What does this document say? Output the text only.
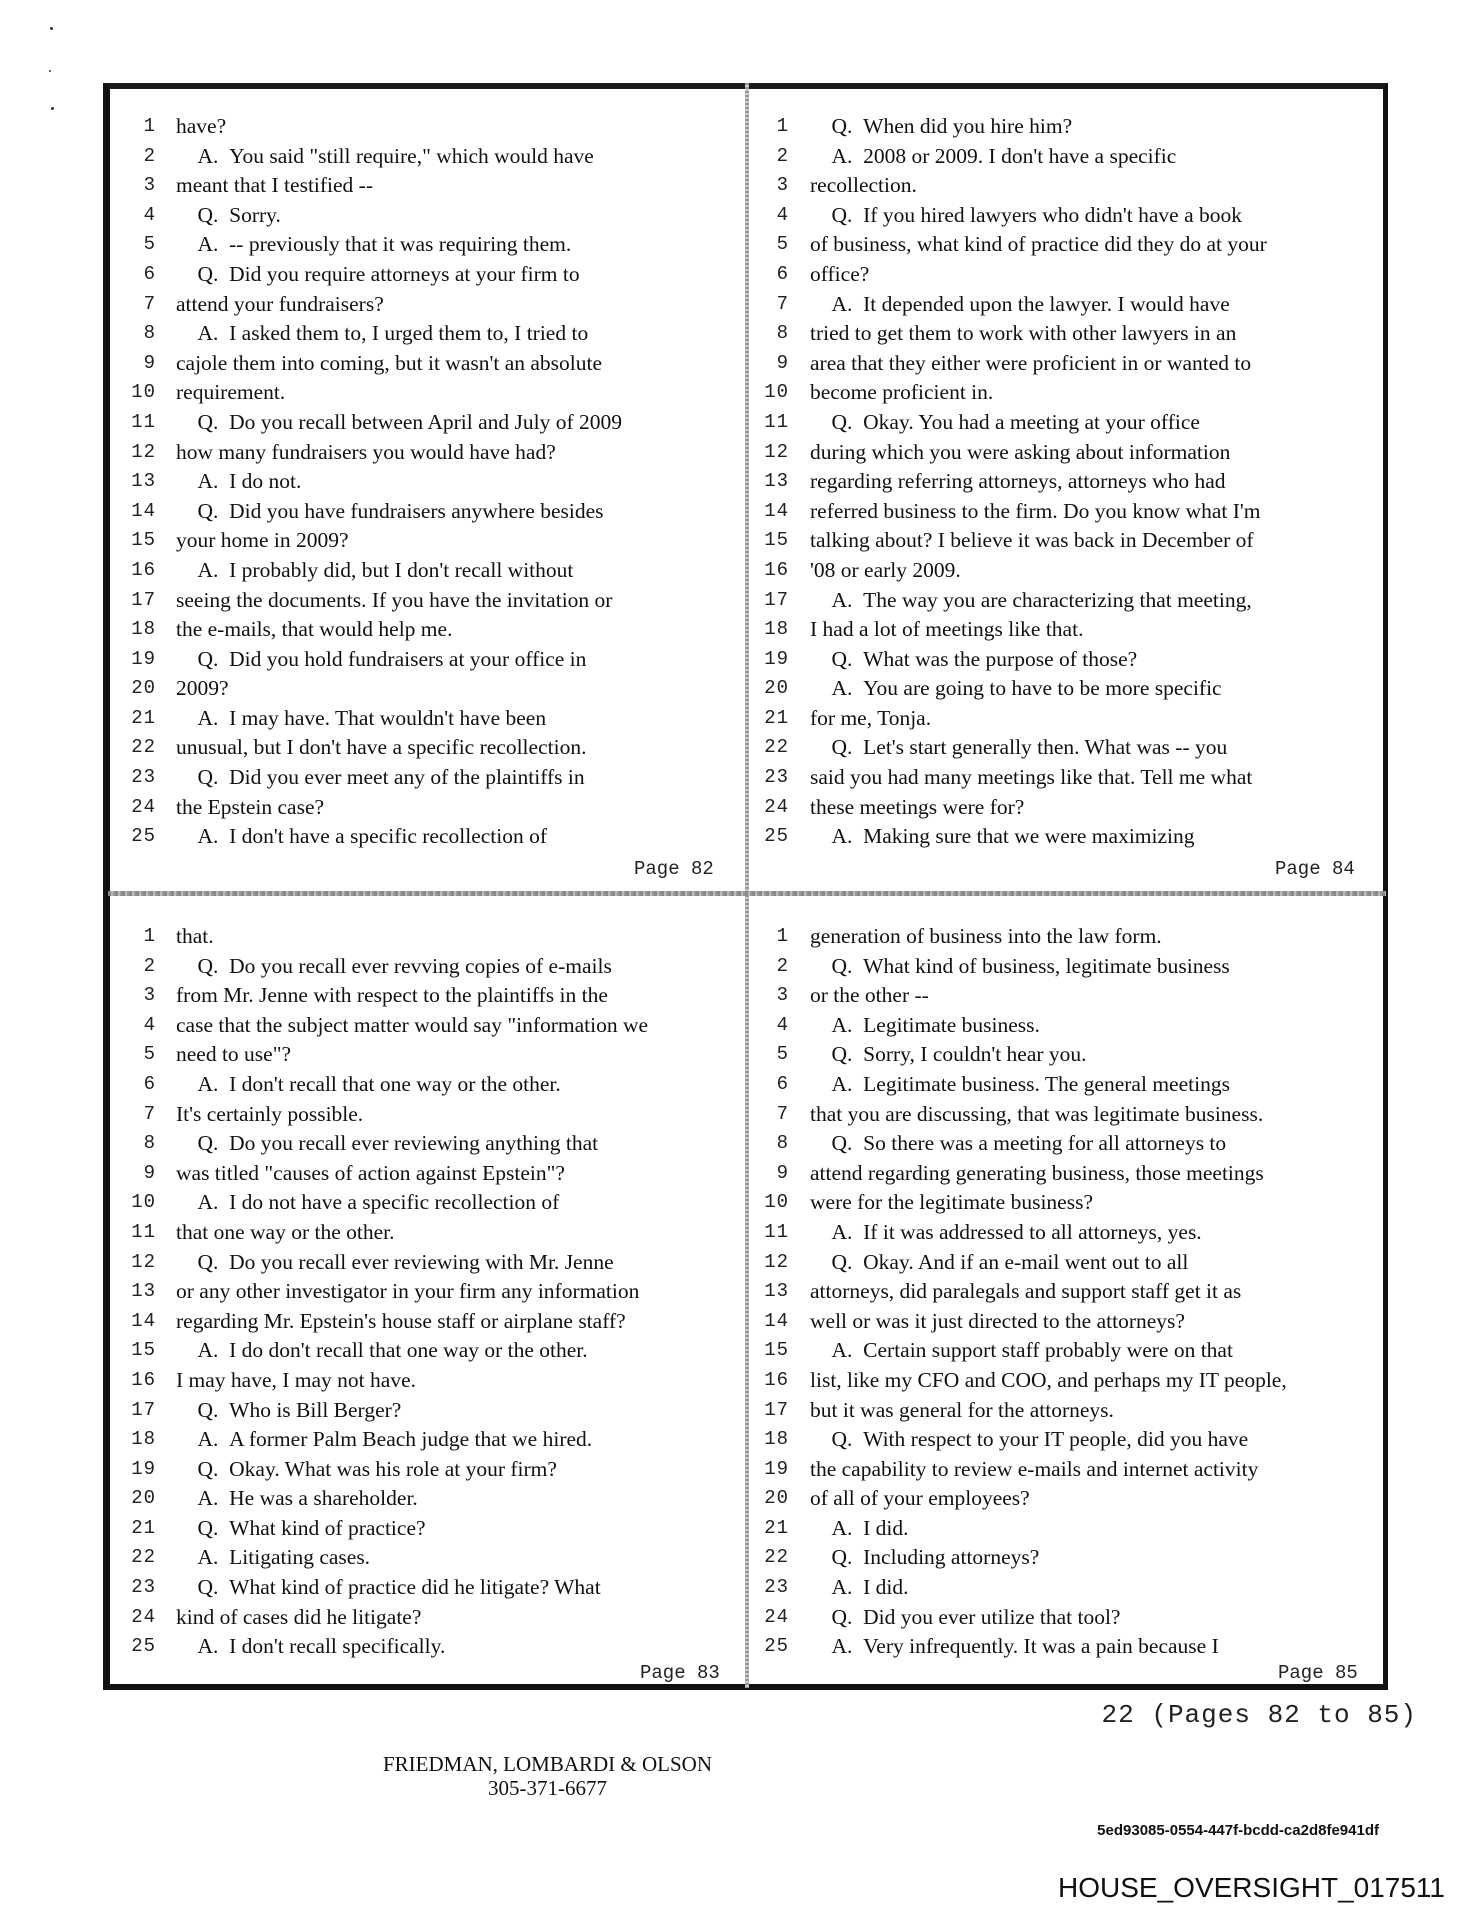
1 have?
2 A.  You said "still require," which would have
3 meant that I testified --
4 Q.  Sorry.
5 A.  -- previously that it was requiring them.
6 Q.  Did you require attorneys at your firm to
7 attend your fundraisers?
8 A.  I asked them to, I urged them to, I tried to
9 cajole them into coming, but it wasn't an absolute
10 requirement.
11 Q.  Do you recall between April and July of 2009
12 how many fundraisers you would have had?
13 A.  I do not.
14 Q.  Did you have fundraisers anywhere besides
15 your home in 2009?
16 A.  I probably did, but I don't recall without
17 seeing the documents. If you have the invitation or
18 the e-mails, that would help me.
19 Q.  Did you hold fundraisers at your office in
20 2009?
21 A.  I may have. That wouldn't have been
22 unusual, but I don't have a specific recollection.
23 Q.  Did you ever meet any of the plaintiffs in
24 the Epstein case?
25 A.  I don't have a specific recollection of
Page 82
1 Q.  When did you hire him?
2 A.  2008 or 2009. I don't have a specific
3 recollection.
4 Q.  If you hired lawyers who didn't have a book
5 of business, what kind of practice did they do at your
6 office?
7 A.  It depended upon the lawyer. I would have
8 tried to get them to work with other lawyers in an
9 area that they either were proficient in or wanted to
10 become proficient in.
11 Q.  Okay. You had a meeting at your office
12 during which you were asking about information
13 regarding referring attorneys, attorneys who had
14 referred business to the firm. Do you know what I'm
15 talking about? I believe it was back in December of
16 '08 or early 2009.
17 A.  The way you are characterizing that meeting,
18 I had a lot of meetings like that.
19 Q.  What was the purpose of those?
20 A.  You are going to have to be more specific
21 for me, Tonja.
22 Q.  Let's start generally then. What was -- you
23 said you had many meetings like that. Tell me what
24 these meetings were for?
25 A.  Making sure that we were maximizing
Page 84
1 that.
2 Q.  Do you recall ever revving copies of e-mails
3 from Mr. Jenne with respect to the plaintiffs in the
4 case that the subject matter would say "information we
5 need to use"?
6 A.  I don't recall that one way or the other.
7 It's certainly possible.
8 Q.  Do you recall ever reviewing anything that
9 was titled "causes of action against Epstein"?
10 A.  I do not have a specific recollection of
11 that one way or the other.
12 Q.  Do you recall ever reviewing with Mr. Jenne
13 or any other investigator in your firm any information
14 regarding Mr. Epstein's house staff or airplane staff?
15 A.  I do don't recall that one way or the other.
16 I may have, I may not have.
17 Q.  Who is Bill Berger?
18 A.  A former Palm Beach judge that we hired.
19 Q.  Okay. What was his role at your firm?
20 A.  He was a shareholder.
21 Q.  What kind of practice?
22 A.  Litigating cases.
23 Q.  What kind of practice did he litigate? What
24 kind of cases did he litigate?
25 A.  I don't recall specifically.
Page 83
1 generation of business into the law form.
2 Q.  What kind of business, legitimate business
3 or the other --
4 A.  Legitimate business.
5 Q.  Sorry, I couldn't hear you.
6 A.  Legitimate business. The general meetings
7 that you are discussing, that was legitimate business.
8 Q.  So there was a meeting for all attorneys to
9 attend regarding generating business, those meetings
10 were for the legitimate business?
11 A.  If it was addressed to all attorneys, yes.
12 Q.  Okay. And if an e-mail went out to all
13 attorneys, did paralegals and support staff get it as
14 well or was it just directed to the attorneys?
15 A.  Certain support staff probably were on that
16 list, like my CFO and COO, and perhaps my IT people,
17 but it was general for the attorneys.
18 Q.  With respect to your IT people, did you have
19 the capability to review e-mails and internet activity
20 of all of your employees?
21 A.  I did.
22 Q.  Including attorneys?
23 A.  I did.
24 Q.  Did you ever utilize that tool?
25 A.  Very infrequently. It was a pain because I
Page 85
22 (Pages 82 to 85)
FRIEDMAN, LOMBARDI & OLSON
305-371-6677
5ed93085-0554-447f-bcdd-ca2d8fe941df
HOUSE_OVERSIGHT_017511
